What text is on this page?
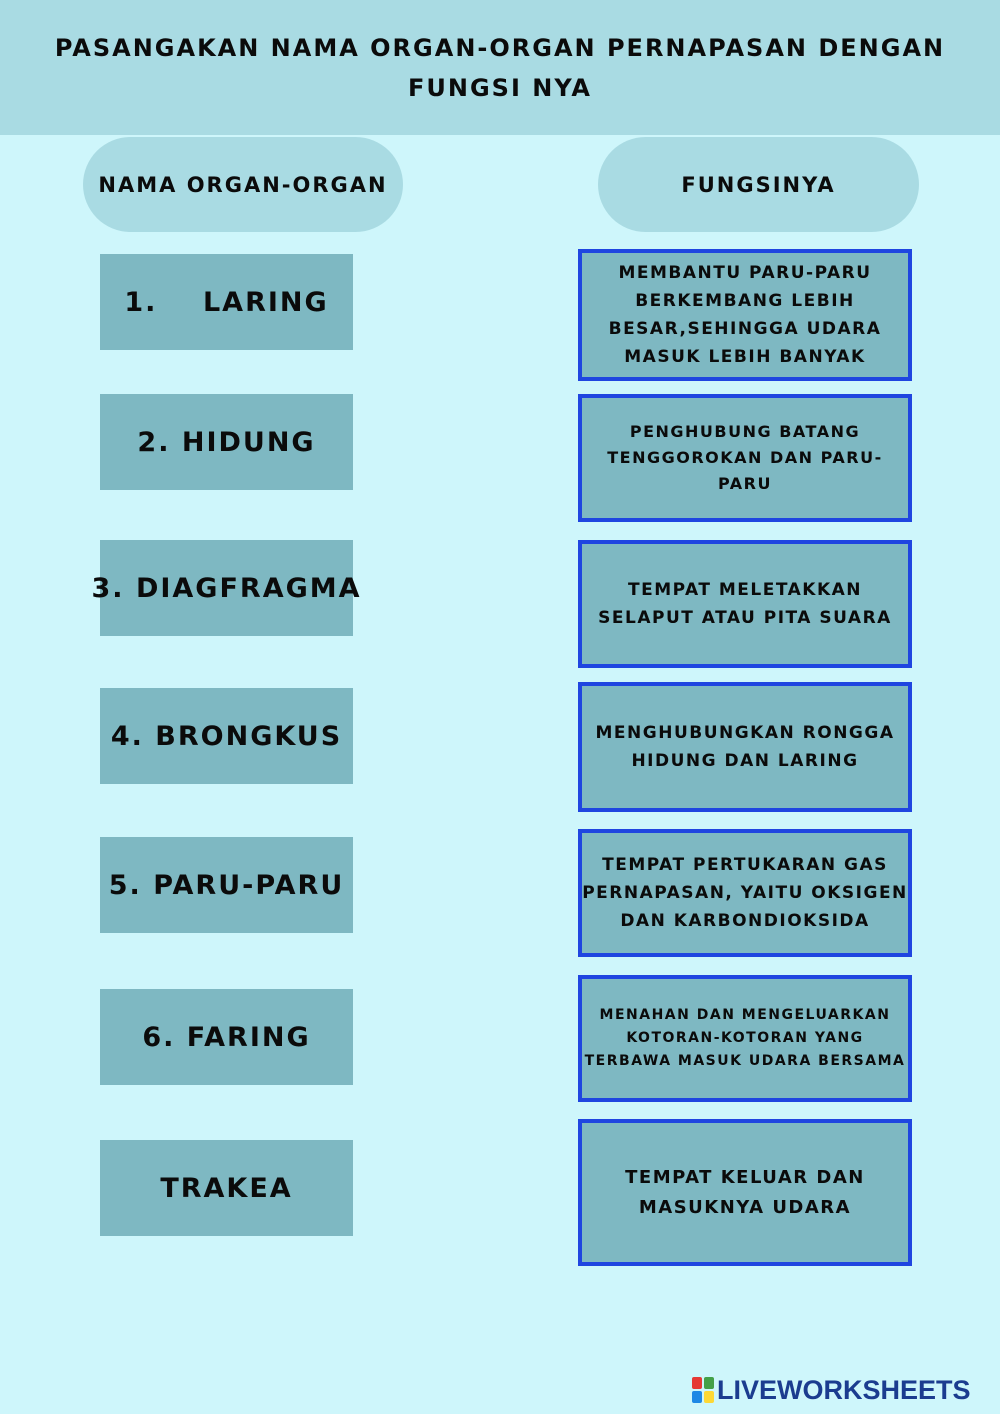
PASANGAKAN NAMA ORGAN-ORGAN PERNAPASAN DENGAN
FUNGSI NYA
NAMA ORGAN-ORGAN	FUNGSINYA
1.    LARING
2. HIDUNG
3. DIAGFRAGMA
4. BRONGKUS
5. PARU-PARU
6. FARING
TRAKEA
MEMBANTU PARU-PARU
BERKEMBANG LEBIH
BESAR,SEHINGGA UDARA
MASUK LEBIH BANYAK
PENGHUBUNG BATANG
TENGGOROKAN DAN PARU-PARU
TEMPAT MELETAKKAN
SELAPUT ATAU PITA SUARA
MENGHUBUNGKAN RONGGA
HIDUNG DAN LARING
TEMPAT PERTUKARAN GAS
PERNAPASAN, YAITU OKSIGEN
DAN KARBONDIOKSIDA
MENAHAN DAN MENGELUARKAN
KOTORAN-KOTORAN YANG
TERBAWA MASUK UDARA BERSAMA
TEMPAT KELUAR DAN
MASUKNYA UDARA
LIVEWORKSHEETS
